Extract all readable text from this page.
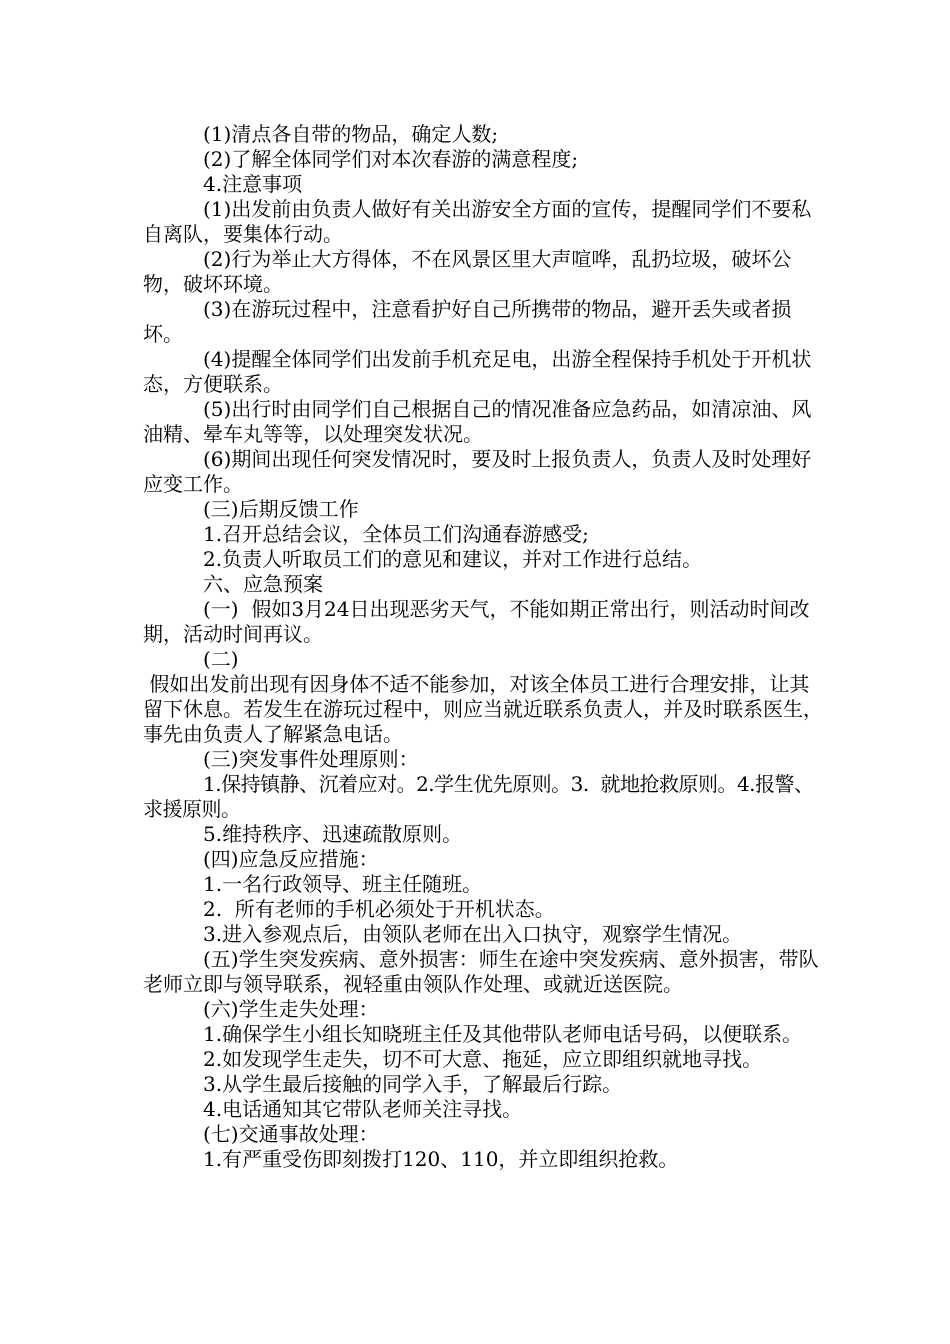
(1)清点各自带的物品，确定人数;

(2)了解全体同学们对本次春游的满意程度;

4.注意事项

(1)出发前由负责人做好有关出游安全方面的宣传，提醒同学们不要私自离队，要集体行动。

(2)行为举止大方得体，不在风景区里大声喧哗，乱扔垃圾，破坏公物，破坏环境。

(3)在游玩过程中，注意看护好自己所携带的物品，避开丢失或者损坏。

(4)提醒全体同学们出发前手机充足电，出游全程保持手机处于开机状态，方便联系。

(5)出行时由同学们自己根据自己的情况准备应急药品，如清凉油、风油精、晕车丸等等，以处理突发状况。

(6)期间出现任何突发情况时，要及时上报负责人，负责人及时处理好应变工作。

(三)后期反馈工作

1.召开总结会议，全体员工们沟通春游感受;

2.负责人听取员工们的意见和建议，并对工作进行总结。

六、应急预案

(一)  假如3月24日出现恶劣天气，不能如期正常出行，则活动时间改期，活动时间再议。

(二)

假如出发前出现有因身体不适不能参加，对该全体员工进行合理安排，让其留下休息。若发生在游玩过程中，则应当就近联系负责人，并及时联系医生，事先由负责人了解紧急电话。

(三)突发事件处理原则：

1.保持镇静、沉着应对。2.学生优先原则。3.  就地抢救原则。4.报警、求援原则。

5.维持秩序、迅速疏散原则。

(四)应急反应措施：

1.一名行政领导、班主任随班。

2.  所有老师的手机必须处于开机状态。

3.进入参观点后，由领队老师在出入口执守，观察学生情况。

(五)学生突发疾病、意外损害：师生在途中突发疾病、意外损害，带队老师立即与领导联系，视轻重由领队作处理、或就近送医院。

(六)学生走失处理：

1.确保学生小组长知晓班主任及其他带队老师电话号码，以便联系。

2.如发现学生走失，切不可大意、拖延，应立即组织就地寻找。

3.从学生最后接触的同学入手，了解最后行踪。

4.电话通知其它带队老师关注寻找。

(七)交通事故处理：

1.有严重受伤即刻拨打120、110，并立即组织抢救。
